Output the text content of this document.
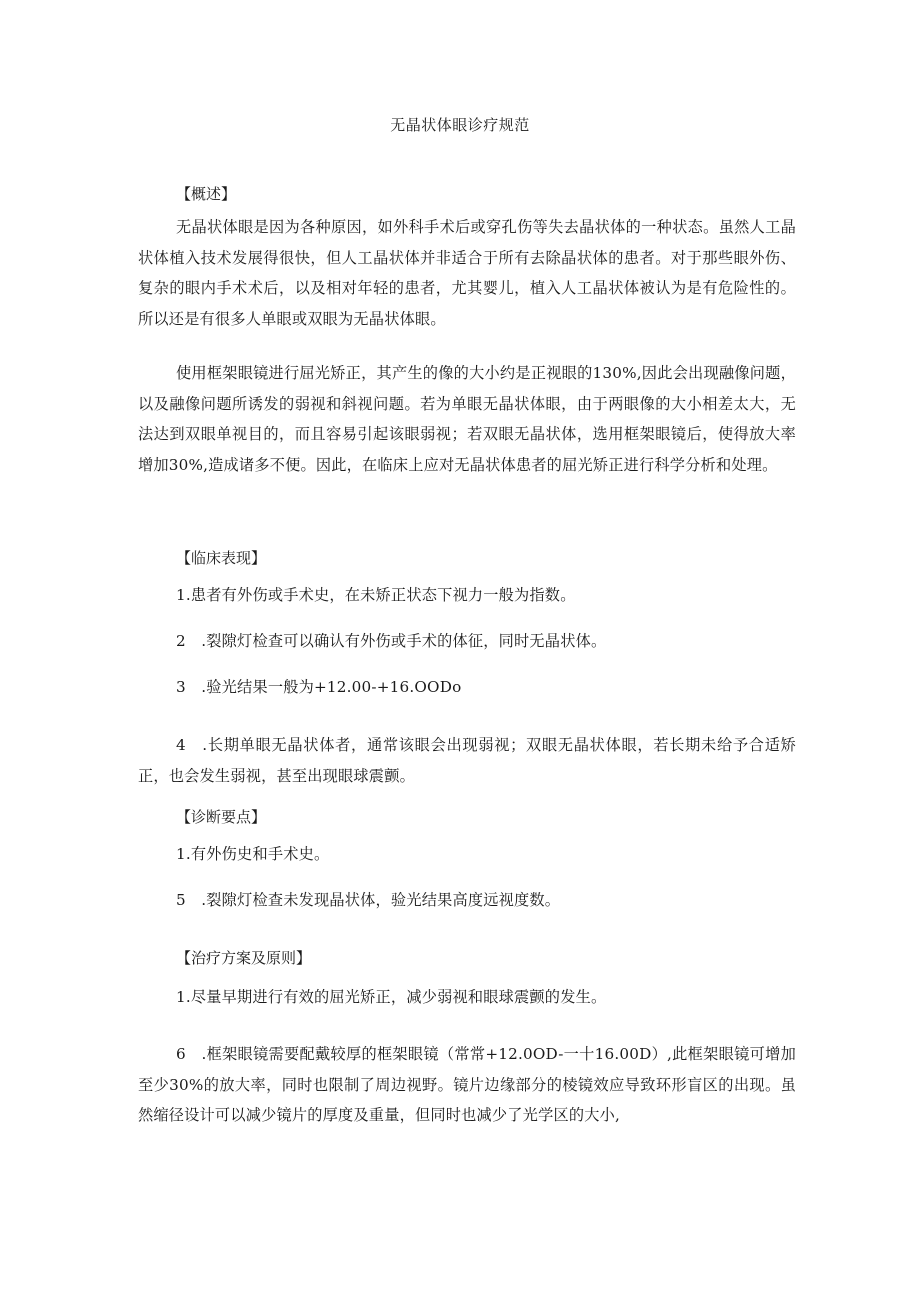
无晶状体眼诊疗规范
【概述】
无晶状体眼是因为各种原因，如外科手术后或穿孔伤等失去晶状体的一种状态。虽然人工晶状体植入技术发展得很快，但人工晶状体并非适合于所有去除晶状体的患者。对于那些眼外伤、复杂的眼内手术术后，以及相对年轻的患者，尤其婴儿，植入人工晶状体被认为是有危险性的。所以还是有很多人单眼或双眼为无晶状体眼。
使用框架眼镜进行屈光矫正，其产生的像的大小约是正视眼的130%,因此会出现融像问题，以及融像问题所诱发的弱视和斜视问题。若为单眼无晶状体眼，由于两眼像的大小相差太大，无法达到双眼单视目的，而且容易引起该眼弱视；若双眼无晶状体，选用框架眼镜后，使得放大率增加30%,造成诸多不便。因此，在临床上应对无晶状体患者的屈光矫正进行科学分析和处理。
【临床表现】
1.患者有外伤或手术史，在未矫正状态下视力一般为指数。
2　.裂隙灯检查可以确认有外伤或手术的体征，同时无晶状体。
3　.验光结果一般为+12.00-+16.OODo
4　.长期单眼无晶状体者，通常该眼会出现弱视；双眼无晶状体眼，若长期未给予合适矫正，也会发生弱视，甚至出现眼球震颤。
【诊断要点】
1.有外伤史和手术史。
5　.裂隙灯检查未发现晶状体，验光结果高度远视度数。
【治疗方案及原则】
1.尽量早期进行有效的屈光矫正，减少弱视和眼球震颤的发生。
6　.框架眼镜需要配戴较厚的框架眼镜（常常+12.0OD-一十16.00D）,此框架眼镜可增加至少30%的放大率，同时也限制了周边视野。镜片边缘部分的棱镜效应导致环形盲区的出现。虽然缩径设计可以减少镜片的厚度及重量，但同时也减少了光学区的大小,
